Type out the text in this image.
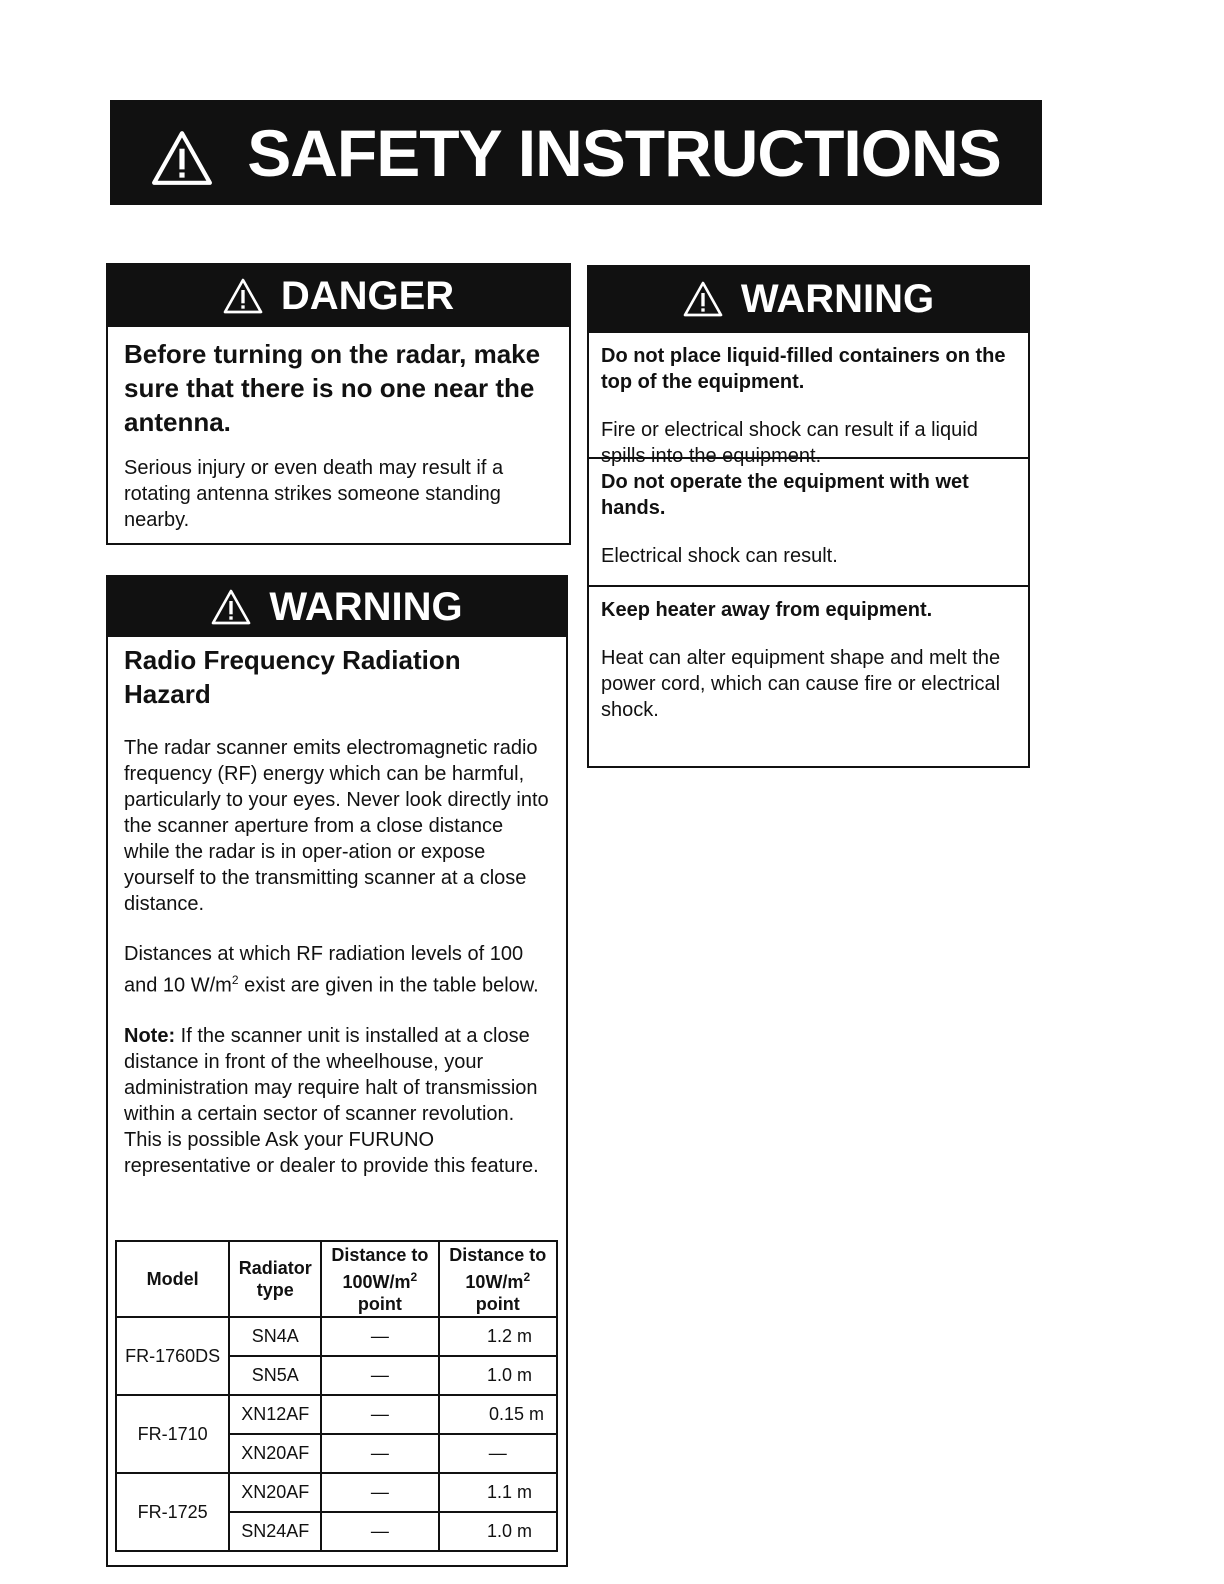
SAFETY INSTRUCTIONS
DANGER
Before turning on the radar, make sure that there is no one near the antenna.
Serious injury or even death may result if a rotating antenna strikes someone standing nearby.
WARNING
Radio Frequency Radiation Hazard
The radar scanner emits electromagnetic radio frequency (RF) energy which can be harmful, particularly to your eyes. Never look directly into the scanner aperture from a close distance while the radar is in oper-ation or expose yourself to the transmitting scanner at a close distance.
Distances at which RF radiation levels of 100 and 10 $W/m^2$ exist are given in the table below.
Note: If the scanner unit is installed at a close distance in front of the wheelhouse, your administration may require halt of transmission within a certain sector of scanner revolution. This is possible Ask your FURUNO representative or dealer to provide this feature.
Model	Radiator type	Distance to $100W/m^2$ point	Distance to $10W/m^2$ point
FR-1760DS	SN4A	—	1.2 m
	SN5A	—	1.0 m
FR-1710	XN12AF	—	0.15 m
	XN20AF	—	—
FR-1725	XN20AF	—	1.1 m
	SN24AF	—	1.0 m
WARNING
Do not place liquid-filled containers on the top of the equipment.
Fire or electrical shock can result if a liquid spills into the equipment.
Do not operate the equipment with wet hands.
Electrical shock can result.
Keep heater away from equipment.
Heat can alter equipment shape and melt the power cord, which can cause fire or electrical shock.
